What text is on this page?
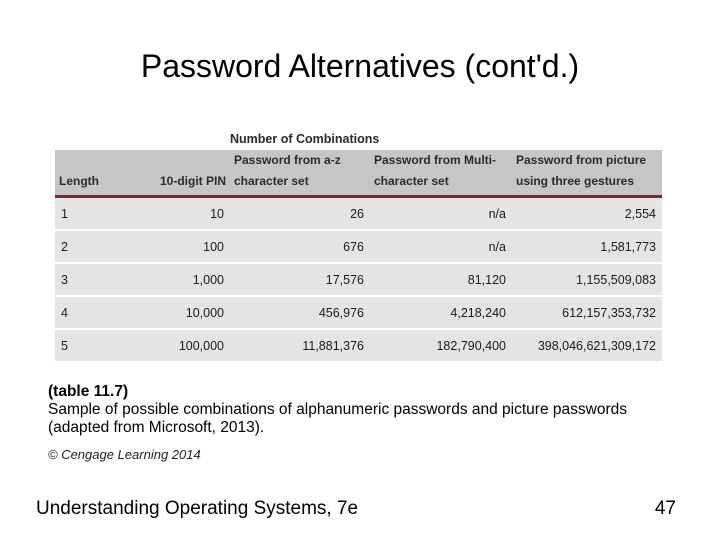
Password Alternatives (cont'd.)
		Number of Combinations		
Length	10-digit PIN	Password from a-z character set	Password from Multi-character set	Password from picture using three gestures
1	10	26	n/a	2,554
2	100	676	n/a	1,581,773
3	1,000	17,576	81,120	1,155,509,083
4	10,000	456,976	4,218,240	612,157,353,732
5	100,000	11,881,376	182,790,400	398,046,621,309,172
(table 11.7)
Sample of possible combinations of alphanumeric passwords and picture passwords (adapted from Microsoft, 2013).
© Cengage Learning 2014
Understanding Operating Systems, 7e	47
